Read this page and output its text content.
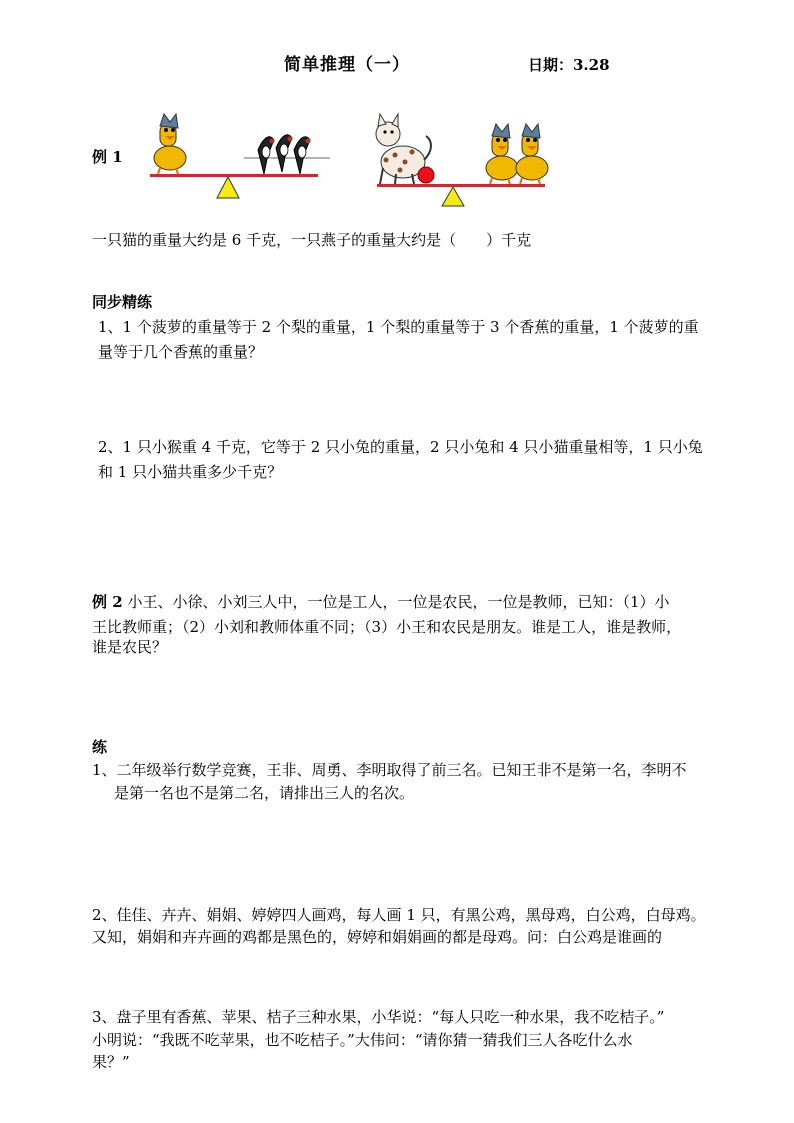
简单推理（一）	日期：3.28
例 1
一只猫的重量大约是 6 千克，一只燕子的重量大约是（　　）千克
同步精练
1、1 个菠萝的重量等于 2 个梨的重量，1 个梨的重量等于 3 个香蕉的重量，1 个菠萝的重
量等于几个香蕉的重量？
2、1 只小猴重 4 千克，它等于 2 只小兔的重量，2 只小兔和 4 只小猫重量相等，1 只小兔
和 1 只小猫共重多少千克？
例 2 小王、小徐、小刘三人中，一位是工人，一位是农民，一位是教师，已知：（1）小
王比教师重；（2）小刘和教师体重不同；（3）小王和农民是朋友。谁是工人，谁是教师，
谁是农民？
练
1、二年级举行数学竞赛，王非、周勇、李明取得了前三名。已知王非不是第一名，李明不
是第一名也不是第二名，请排出三人的名次。
2、佳佳、卉卉、娟娟、婷婷四人画鸡，每人画 1 只，有黑公鸡，黑母鸡，白公鸡，白母鸡。
又知，娟娟和卉卉画的鸡都是黑色的，婷婷和娟娟画的都是母鸡。问：白公鸡是谁画的
3、盘子里有香蕉、苹果、桔子三种水果，小华说：“每人只吃一种水果，我不吃桔子。”
小明说：“我既不吃苹果，也不吃桔子。”大伟问：“请你猜一猜我们三人各吃什么水
果？”
